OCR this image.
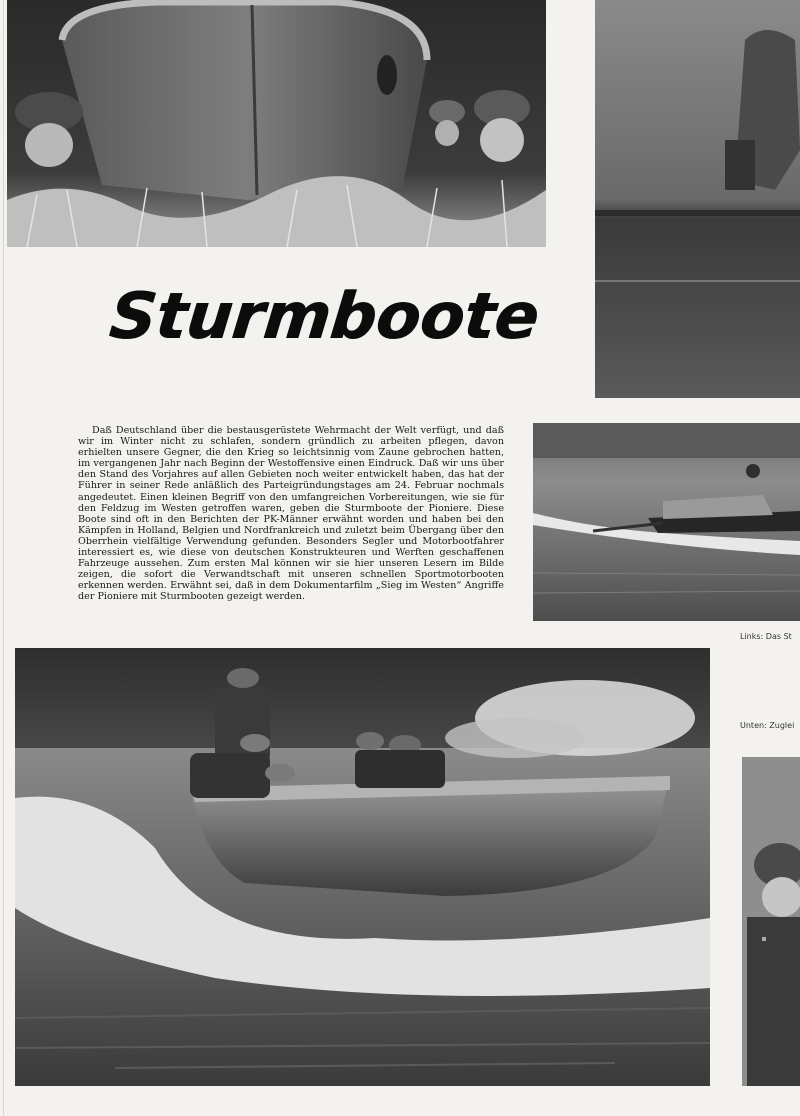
Sturmboote

Daß Deutschland über die bestausgerüstete Wehrmacht der Welt verfügt, und daß wir im Winter nicht zu schlafen, sondern gründlich zu arbeiten pflegen, davon erhielten unsere Gegner, die den Krieg so leichtsinnig vom Zaune gebrochen hatten, im vergangenen Jahr nach Beginn der Westoffensive einen Eindruck. Daß wir uns über den Stand des Vorjahres auf allen Gebieten noch weiter entwickelt haben, das hat der Führer in seiner Rede anläßlich des Parteigründungstages am 24. Februar nochmals angedeutet. Einen kleinen Begriff von den umfangreichen Vorbereitungen, wie sie für den Feldzug im Westen getroffen waren, geben die Sturmboote der Pioniere. Diese Boote sind oft in den Berichten der PK-Männer erwähnt worden und haben bei den Kämpfen in Holland, Belgien und Nordfrankreich und zuletzt beim Übergang über den Oberrhein vielfältige Verwendung gefunden. Besonders Segler und Motorbootfahrer interessiert es, wie diese von deutschen Konstrukteuren und Werften geschaffenen Fahrzeuge aussehen. Zum ersten Mal können wir sie hier unseren Lesern im Bilde zeigen, die sofort die Verwandtschaft mit unseren schnellen Sportmotorbooten erkennen werden. Erwähnt sei, daß in dem Dokumentarfilm „Sieg im Westen“ Angriffe der Pioniere mit Sturmbooten gezeigt werden.

Links: Das St
Unten: Zuglei
